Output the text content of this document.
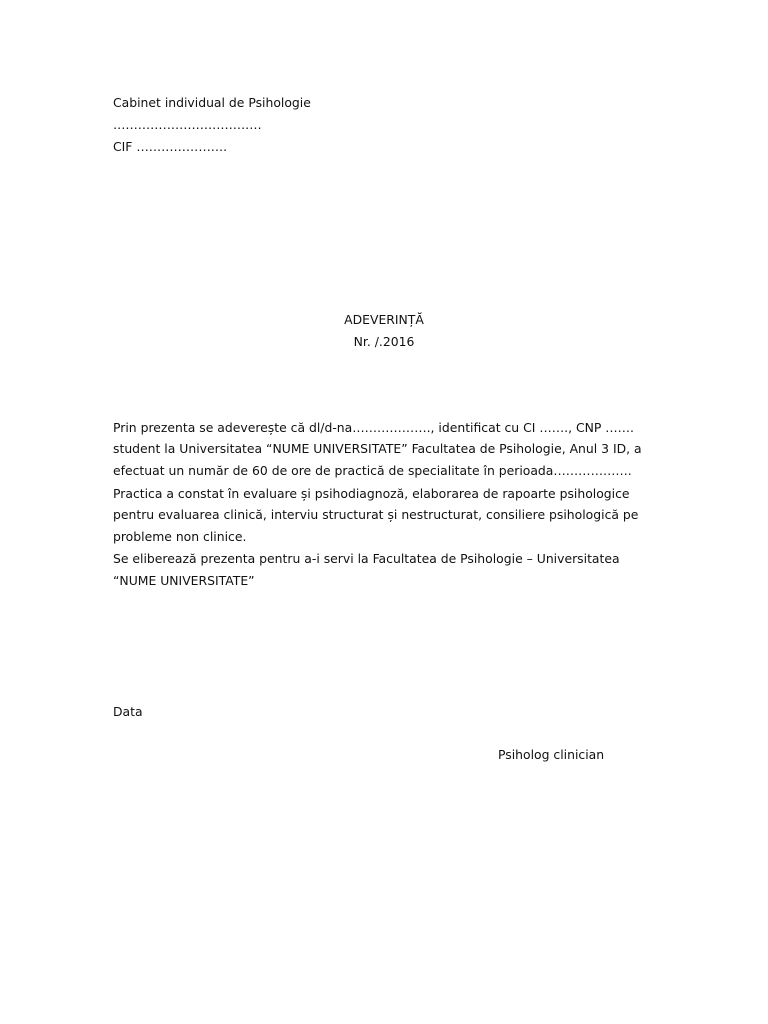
Cabinet individual de Psihologie
………………………………
CIF ………………….
ADEVERINȚĂ
Nr. /.2016
Prin prezenta se adeverește că dl/d-na………………., identificat cu CI ……., CNP …….
student la Universitatea “NUME UNIVERSITATE” Facultatea de Psihologie, Anul 3 ID, a
efectuat un număr de 60 de ore de practică de specialitate în perioada……………….
Practica a constat în evaluare și psihodiagnoză, elaborarea de rapoarte psihologice
pentru evaluarea clinică, interviu structurat și nestructurat, consiliere psihologică pe
probleme non clinice.
Se eliberează prezenta pentru a-i servi la Facultatea de Psihologie – Universitatea
“NUME UNIVERSITATE”
Data
Psiholog clinician
